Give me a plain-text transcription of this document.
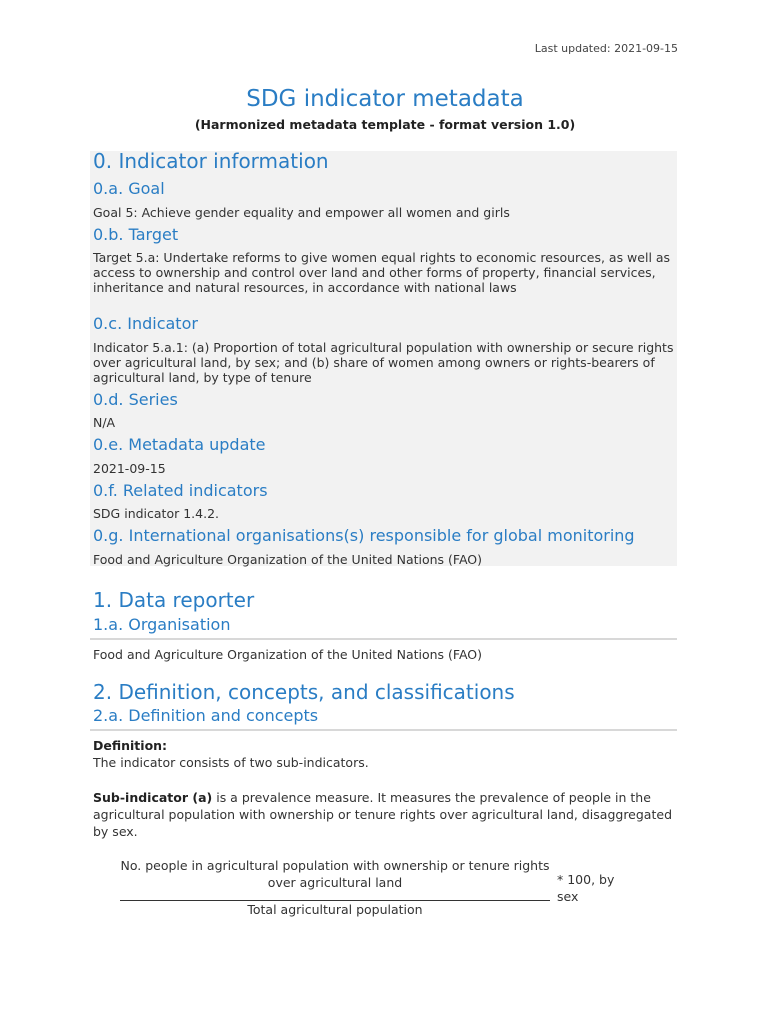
Last updated: 2021-09-15
SDG indicator metadata
(Harmonized metadata template - format version 1.0)
0. Indicator information
0.a. Goal
Goal 5: Achieve gender equality and empower all women and girls
0.b. Target
Target 5.a: Undertake reforms to give women equal rights to economic resources, as well as access to ownership and control over land and other forms of property, financial services, inheritance and natural resources, in accordance with national laws
0.c. Indicator
Indicator 5.a.1: (a) Proportion of total agricultural population with ownership or secure rights over agricultural land, by sex; and (b) share of women among owners or rights-bearers of agricultural land, by type of tenure
0.d. Series
N/A
0.e. Metadata update
2021-09-15
0.f. Related indicators
SDG indicator 1.4.2.
0.g. International organisations(s) responsible for global monitoring
Food and Agriculture Organization of the United Nations (FAO)
1. Data reporter
1.a. Organisation
Food and Agriculture Organization of the United Nations (FAO)
2. Definition, concepts, and classifications
2.a. Definition and concepts
Definition:
The indicator consists of two sub-indicators.
Sub-indicator (a) is a prevalence measure. It measures the prevalence of people in the agricultural population with ownership or tenure rights over agricultural land, disaggregated by sex.
No. people in agricultural population with ownership or tenure rights over agricultural land
Total agricultural population
* 100, by sex
